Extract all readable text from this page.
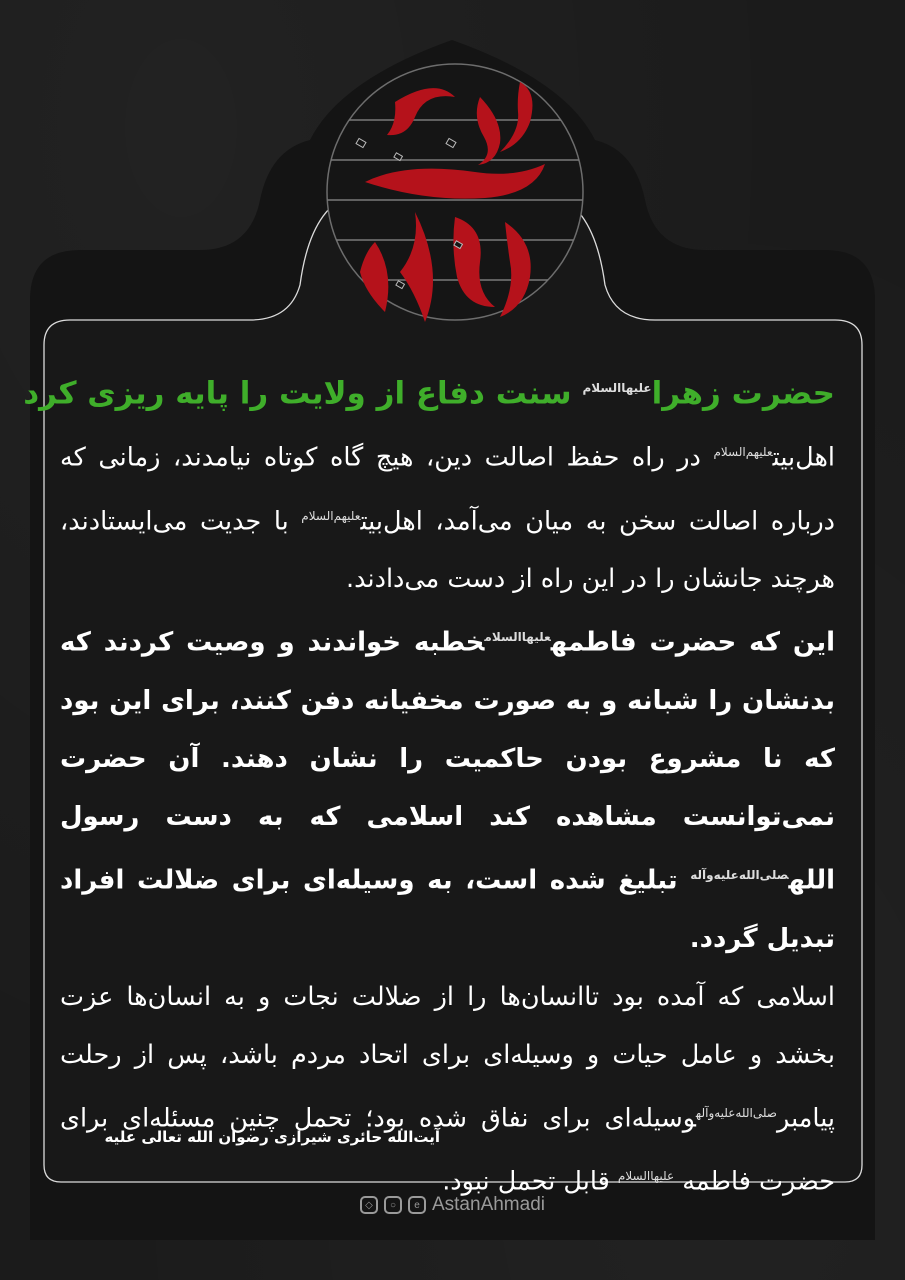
حضرت زهرا$^{علیهاالسلام}$ سنت دفاع از ولایت را پایه ریزی کرد

اهل‌بیت$^{علیهم‌السلام}$ در راه حفظ اصالت دین، هیچ گاه کوتاه نیامدند، زمانی که درباره اصالت سخن به میان می‌آمد، اهل‌بیت$^{علیهم‌السلام}$ با جدیت می‌ایستادند، هرچند جانشان را در این راه از دست می‌دادند.

این که حضرت فاطمه$^{علیهاالسلام}$خطبه خواندند و وصیت کردند که بدنشان را شبانه و به صورت مخفیانه دفن کنند، برای این بود که نا مشروع بودن حاکمیت را نشان دهند. آن حضرت نمی‌توانست مشاهده کند اسلامی که به دست رسول الله$^{صلی‌الله‌علیه‌وآله}$ تبلیغ شده است، به وسیله‌ای برای ضلالت افراد تبدیل گردد.

اسلامی که آمده بود تاانسان‌ها را از ضلالت نجات و به انسان‌ها عزت بخشد و عامل حیات و وسیله‌ای برای اتحاد مردم باشد، پس از رحلت پیامبر$^{صلی‌الله‌علیه‌وآله}$وسیله‌ای برای نفاق شده بود؛ تحمل چنین مسئله‌ای برای حضرت فاطمه $^{علیهاالسلام}$ قابل تحمل نبود.

آیت‌الله حائری شیرازی رضوان الله تعالی علیه
◇	○	e AstanAhmadi
